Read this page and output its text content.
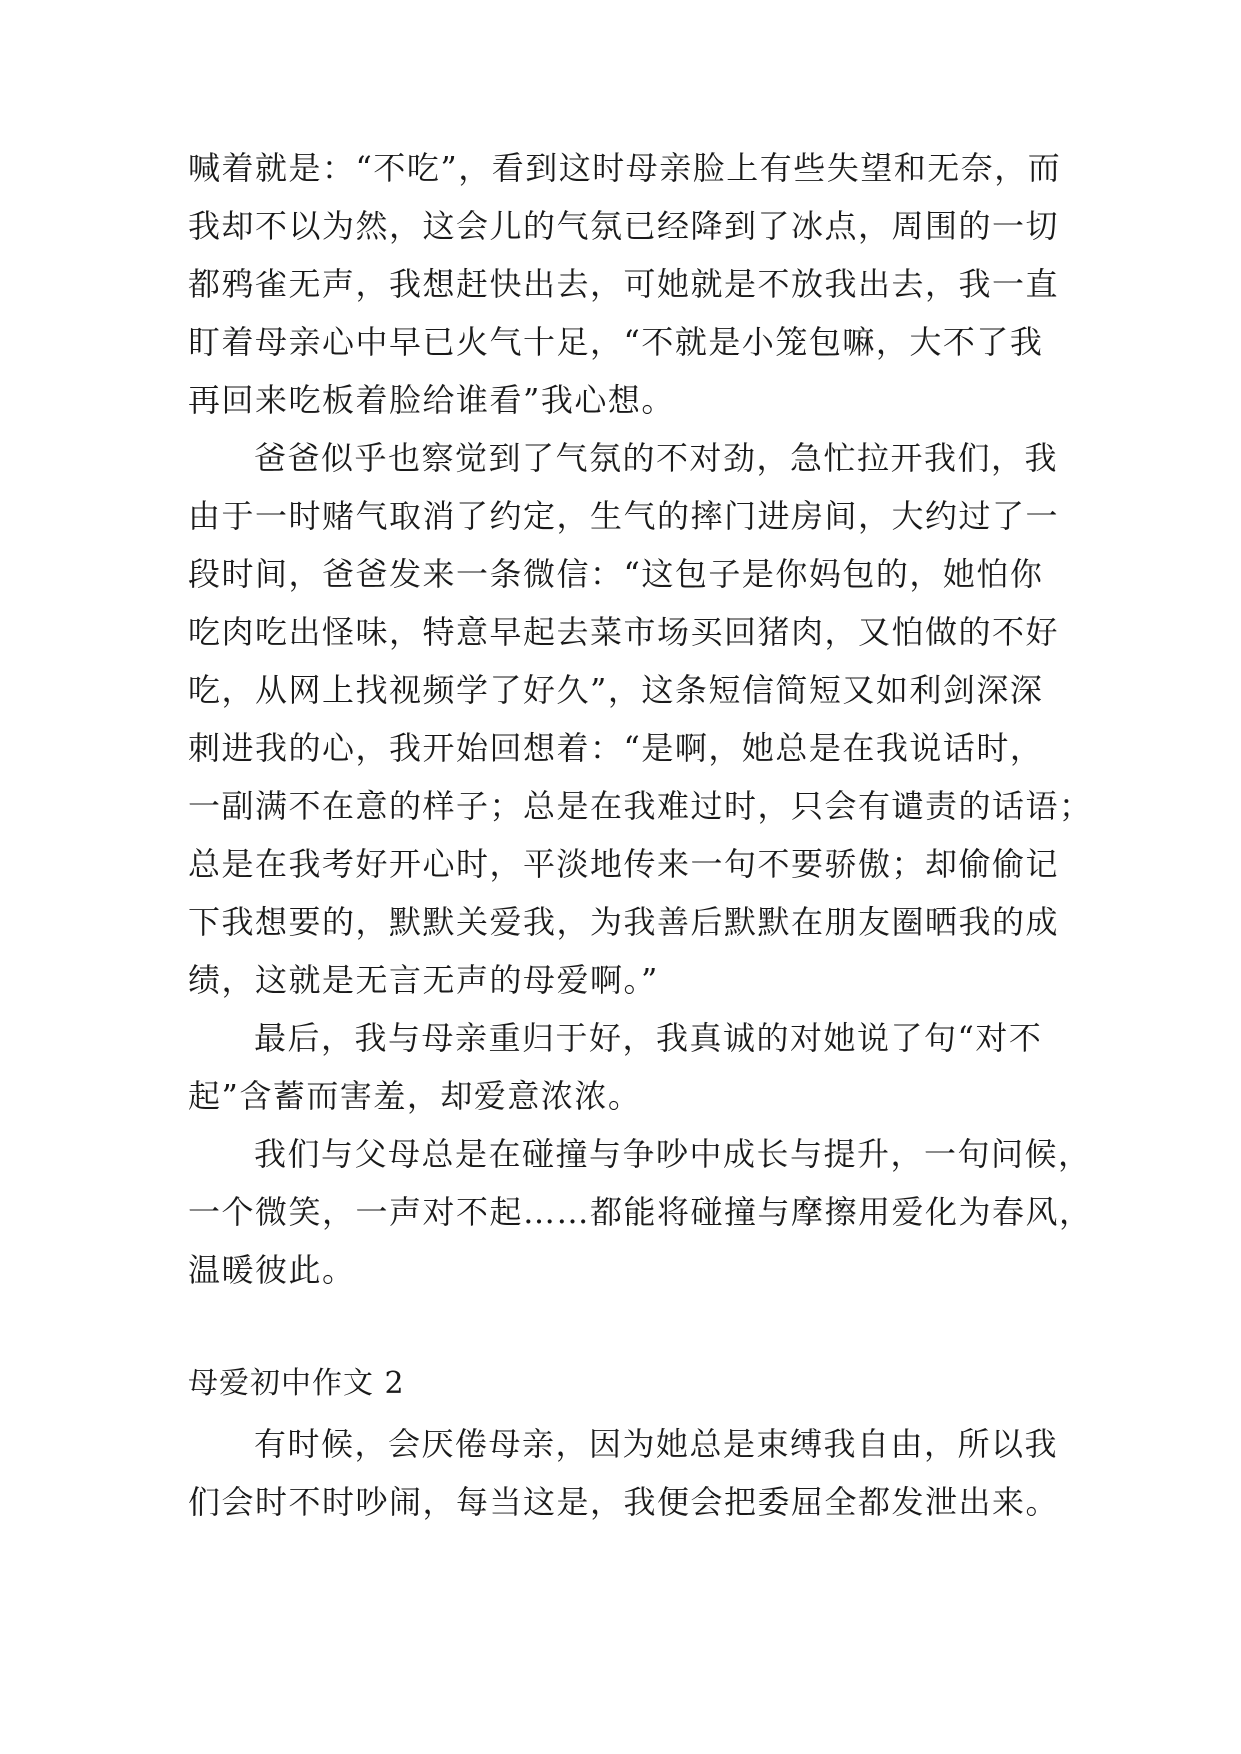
喊着就是：“不吃”，看到这时母亲脸上有些失望和无奈，而
我却不以为然，这会儿的气氛已经降到了冰点，周围的一切
都鸦雀无声，我想赶快出去，可她就是不放我出去，我一直
盯着母亲心中早已火气十足，“不就是小笼包嘛，大不了我
再回来吃板着脸给谁看”我心想。
爸爸似乎也察觉到了气氛的不对劲，急忙拉开我们，我
由于一时赌气取消了约定，生气的摔门进房间，大约过了一
段时间，爸爸发来一条微信：“这包子是你妈包的，她怕你
吃肉吃出怪味，特意早起去菜市场买回猪肉，又怕做的不好
吃，从网上找视频学了好久”，这条短信简短又如利剑深深
刺进我的心，我开始回想着：“是啊，她总是在我说话时，
一副满不在意的样子；总是在我难过时，只会有谴责的话语；
总是在我考好开心时，平淡地传来一句不要骄傲；却偷偷记
下我想要的，默默关爱我，为我善后默默在朋友圈晒我的成
绩，这就是无言无声的母爱啊。”
最后，我与母亲重归于好，我真诚的对她说了句“对不
起”含蓄而害羞，却爱意浓浓。
我们与父母总是在碰撞与争吵中成长与提升，一句问候，
一个微笑，一声对不起……都能将碰撞与摩擦用爱化为春风，
温暖彼此。
母爱初中作文 2
有时候，会厌倦母亲，因为她总是束缚我自由，所以我
们会时不时吵闹，每当这是，我便会把委屈全都发泄出来。
